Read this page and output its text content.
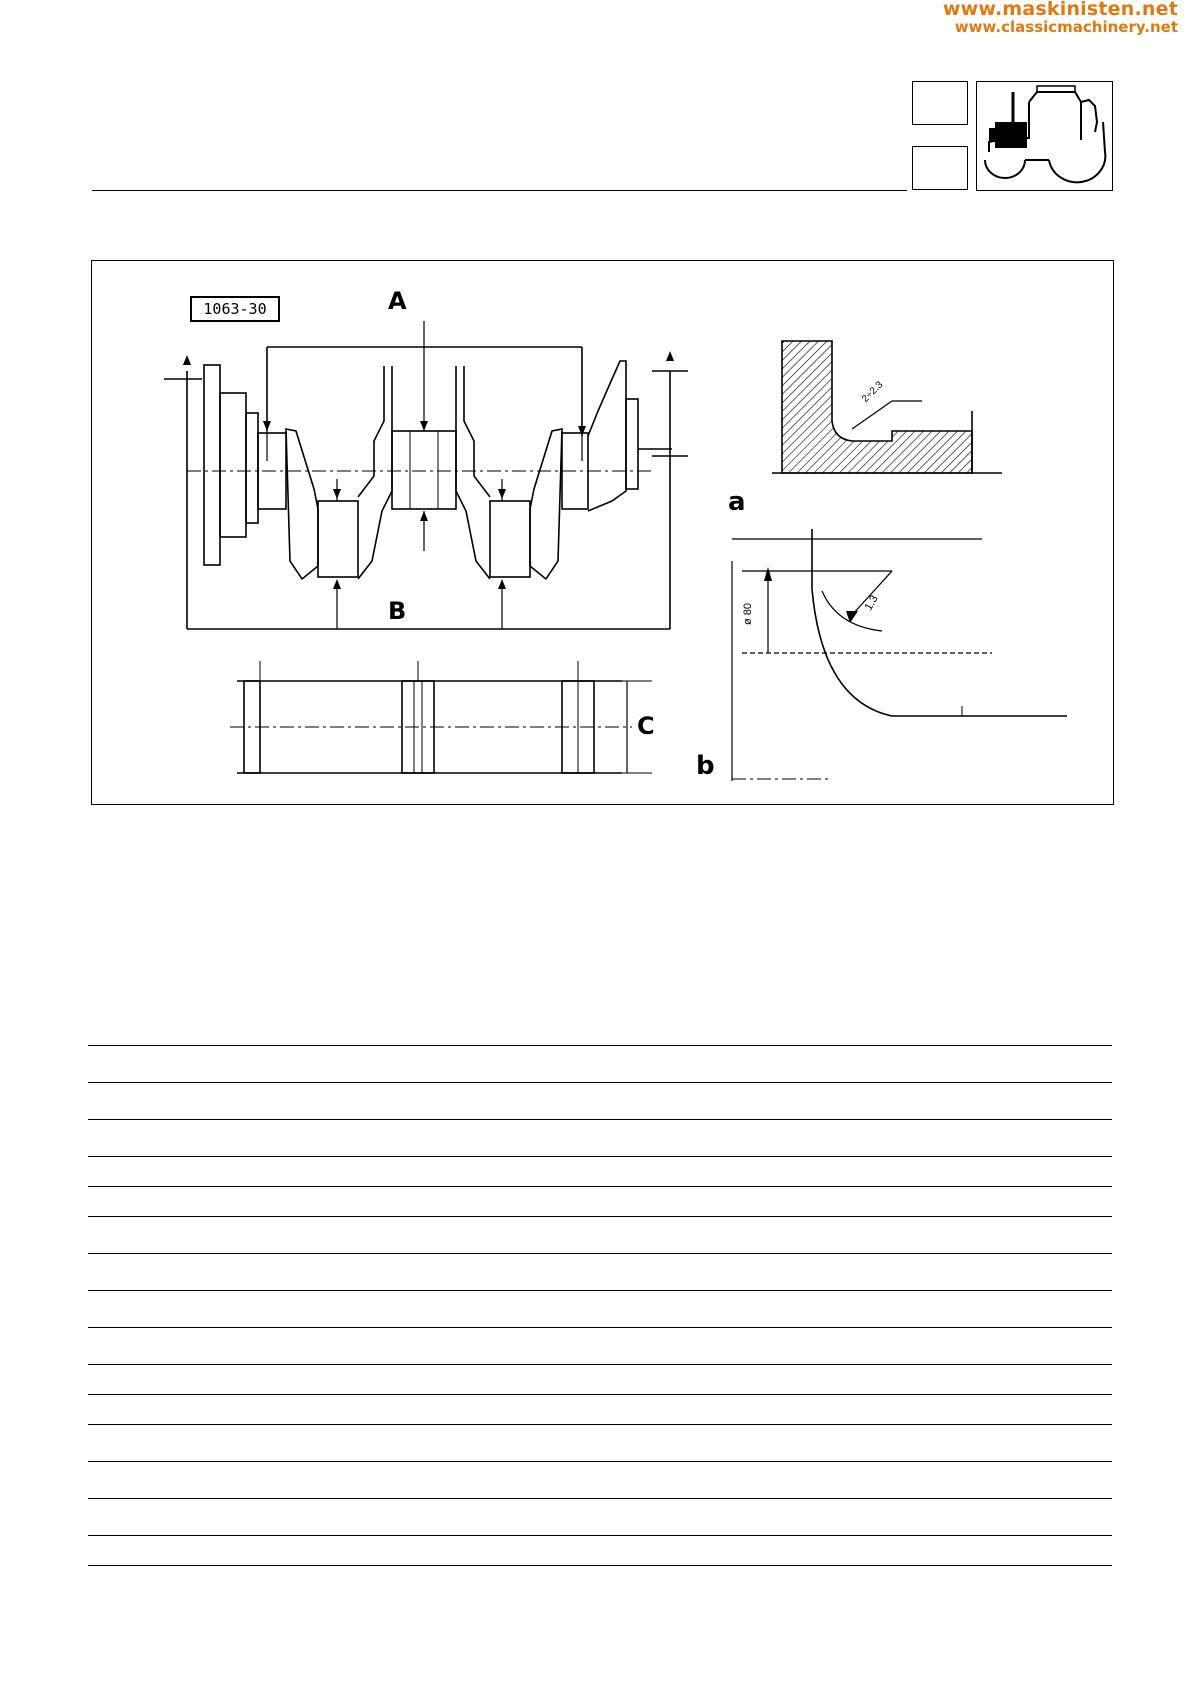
www.maskinisten.net
www.classicmachinery.net
1063-30	A
B
C
a
b
2÷2.3
1.3
ø 80
